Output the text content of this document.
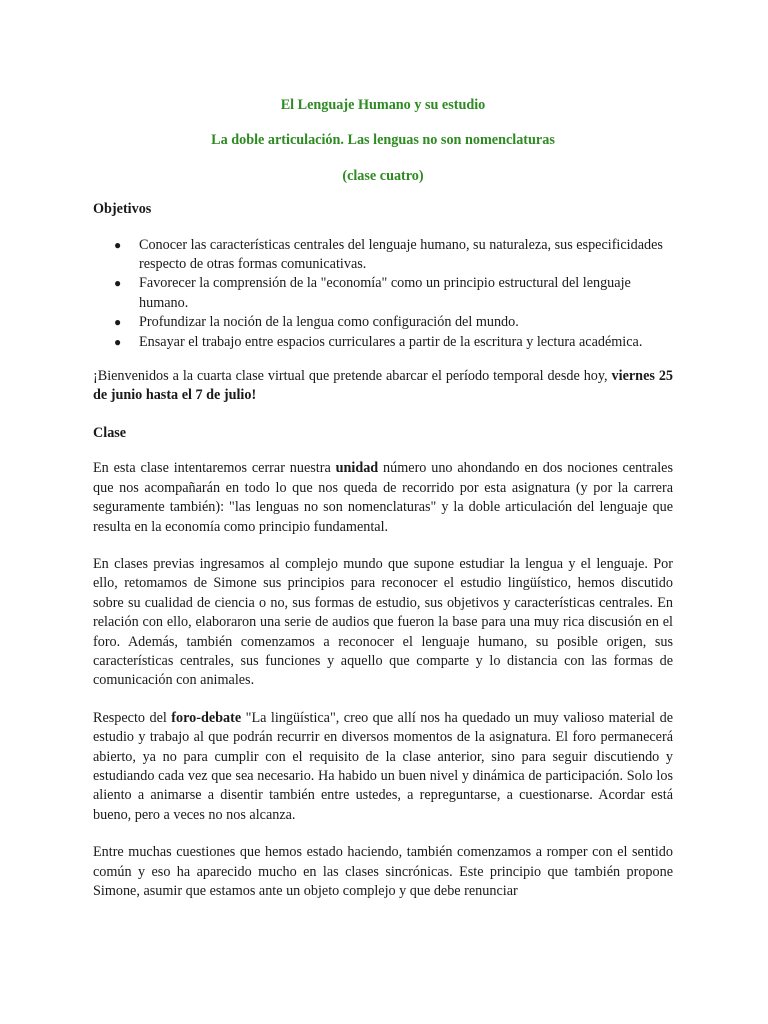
El Lenguaje Humano y su estudio

La doble articulación. Las lenguas no son nomenclaturas

(clase cuatro)

Objetivos

● Conocer las características centrales del lenguaje humano, su naturaleza, sus especificidades respecto de otras formas comunicativas.
● Favorecer la comprensión de la "economía" como un principio estructural del lenguaje humano.
● Profundizar la noción de la lengua como configuración del mundo.
● Ensayar el trabajo entre espacios curriculares a partir de la escritura y lectura académica.

¡Bienvenidos a la cuarta clase virtual que pretende abarcar el período temporal desde hoy, viernes 25 de junio hasta el 7 de julio!

Clase

En esta clase intentaremos cerrar nuestra unidad número uno ahondando en dos nociones centrales que nos acompañarán en todo lo que nos queda de recorrido por esta asignatura (y por la carrera seguramente también): "las lenguas no son nomenclaturas" y la doble articulación del lenguaje que resulta en la economía como principio fundamental.

En clases previas ingresamos al complejo mundo que supone estudiar la lengua y el lenguaje. Por ello, retomamos de Simone sus principios para reconocer el estudio lingüístico, hemos discutido sobre su cualidad de ciencia o no, sus formas de estudio, sus objetivos y características centrales. En relación con ello, elaboraron una serie de audios que fueron la base para una muy rica discusión en el foro. Además, también comenzamos a reconocer el lenguaje humano, su posible origen, sus características centrales, sus funciones y aquello que comparte y lo distancia con las formas de comunicación con animales.

Respecto del foro-debate "La lingüística", creo que allí nos ha quedado un muy valioso material de estudio y trabajo al que podrán recurrir en diversos momentos de la asignatura. El foro permanecerá abierto, ya no para cumplir con el requisito de la clase anterior, sino para seguir discutiendo y estudiando cada vez que sea necesario. Ha habido un buen nivel y dinámica de participación. Solo los aliento a animarse a disentir también entre ustedes, a repreguntarse, a cuestionarse. Acordar está bueno, pero a veces no nos alcanza.

Entre muchas cuestiones que hemos estado haciendo, también comenzamos a romper con el sentido común y eso ha aparecido mucho en las clases sincrónicas. Este principio que también propone Simone, asumir que estamos ante un objeto complejo y que debe renunciar
